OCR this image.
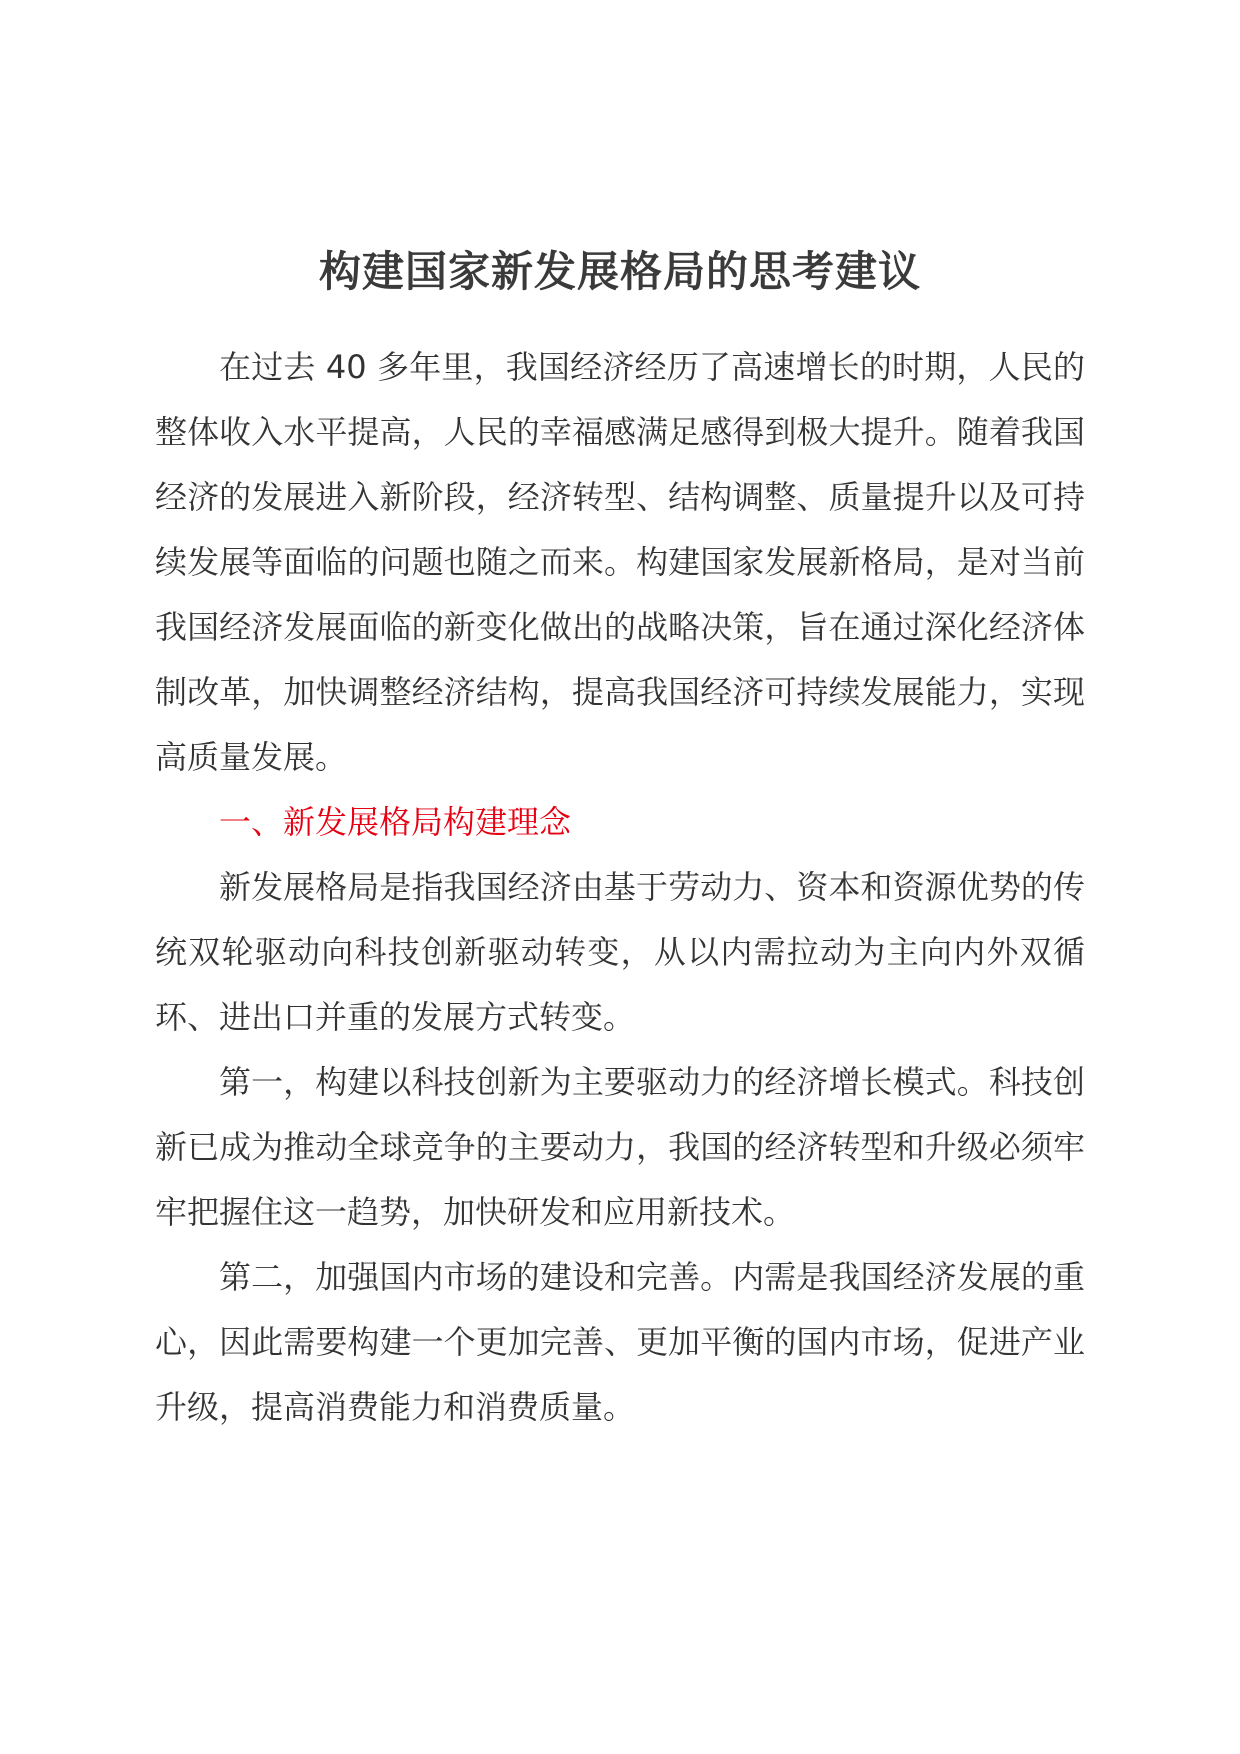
构建国家新发展格局的思考建议

在过去 40 多年里，我国经济经历了高速增长的时期，人民的整体收入水平提高，人民的幸福感满足感得到极大提升。随着我国经济的发展进入新阶段，经济转型、结构调整、质量提升以及可持续发展等面临的问题也随之而来。构建国家发展新格局，是对当前我国经济发展面临的新变化做出的战略决策，旨在通过深化经济体制改革，加快调整经济结构，提高我国经济可持续发展能力，实现高质量发展。

一、新发展格局构建理念

新发展格局是指我国经济由基于劳动力、资本和资源优势的传统双轮驱动向科技创新驱动转变，从以内需拉动为主向内外双循环、进出口并重的发展方式转变。

第一，构建以科技创新为主要驱动力的经济增长模式。科技创新已成为推动全球竞争的主要动力，我国的经济转型和升级必须牢牢把握住这一趋势，加快研发和应用新技术。

第二，加强国内市场的建设和完善。内需是我国经济发展的重心，因此需要构建一个更加完善、更加平衡的国内市场，促进产业升级，提高消费能力和消费质量。
